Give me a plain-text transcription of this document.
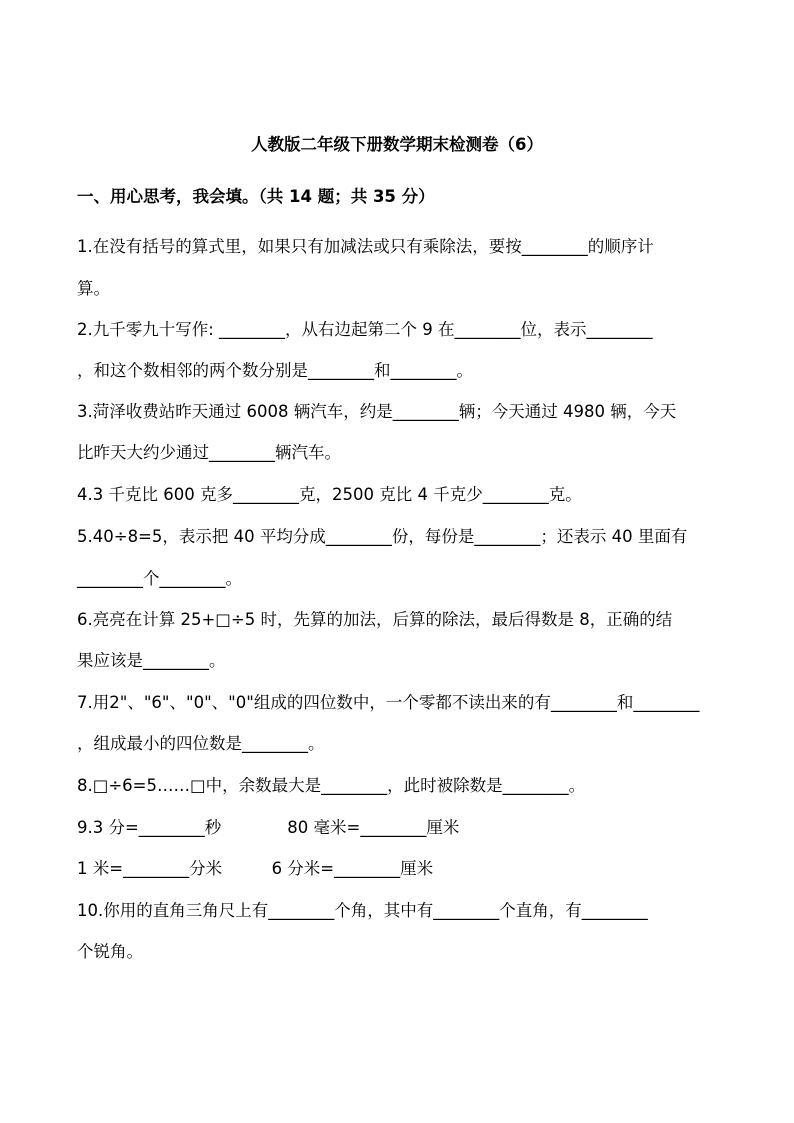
人教版二年级下册数学期末检测卷（6）
一、用心思考，我会填。（共 14 题；共 35 分）
1.在没有括号的算式里，如果只有加减法或只有乘除法，要按________的顺序计
算。
2.九千零九十写作: ________，从右边起第二个 9 在________位，表示________
，和这个数相邻的两个数分别是________和________。
3.菏泽收费站昨天通过 6008 辆汽车，约是________辆；今天通过 4980 辆，今天
比昨天大约少通过________辆汽车。
4.3 千克比 600 克多________克，2500 克比 4 千克少________克。
5.40÷8=5，表示把 40 平均分成________份，每份是________；还表示 40 里面有
________个________。
6.亮亮在计算 25+□÷5 时，先算的加法，后算的除法，最后得数是 8，正确的结
果应该是________。
7.用2"、"6"、"0"、"0"组成的四位数中，一个零都不读出来的有________和________
，组成最小的四位数是________。
8.□÷6=5……□中，余数最大是________，此时被除数是________。
9.3 分=________秒　　　　80 毫米=________厘米
1 米=________分米　　　6 分米=________厘米
10.你用的直角三角尺上有________个角，其中有________个直角，有________
个锐角。
